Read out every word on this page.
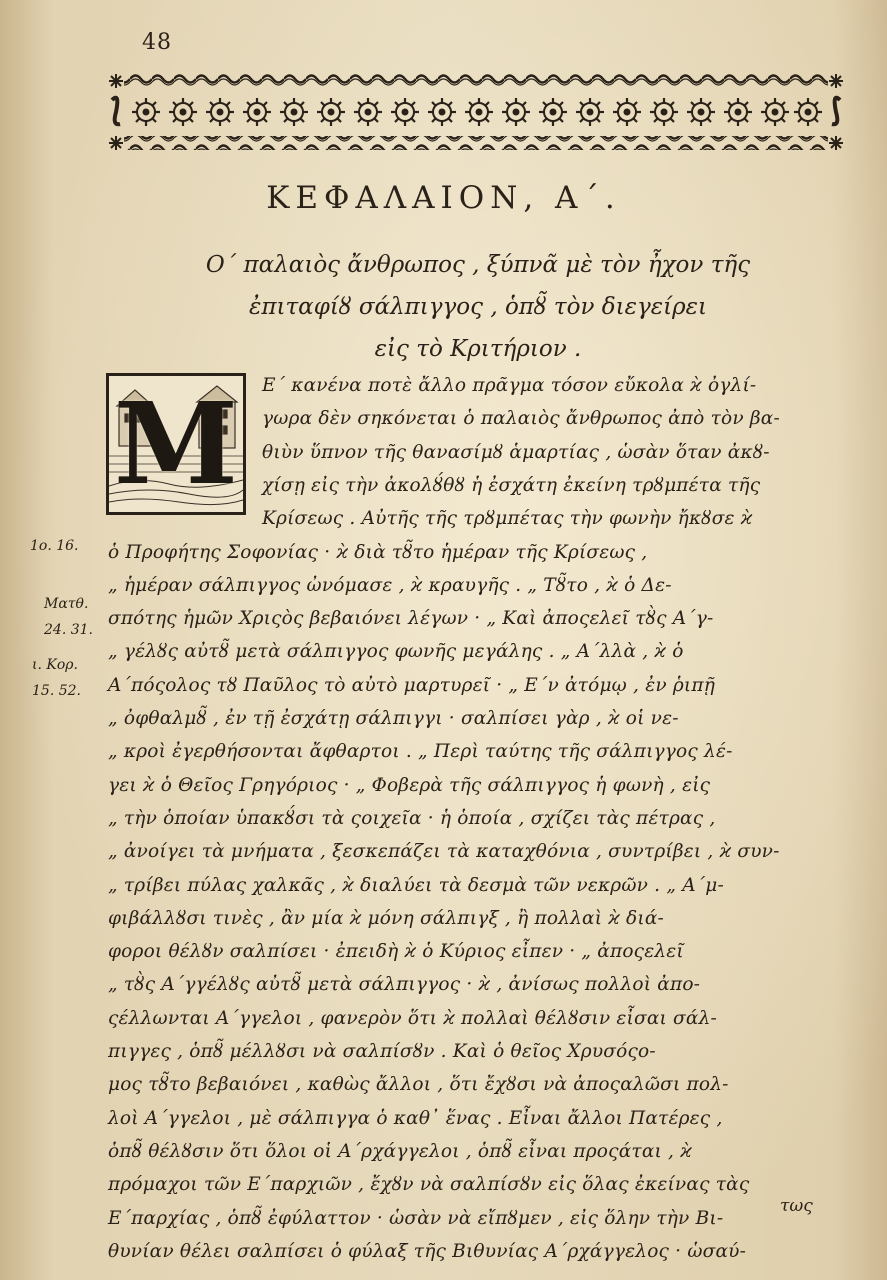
48
ΚΕΦΑΛΑΙΟΝ, Α΄.
Ο΄ παλαιὸς ἄνθρωπος , ξύπνᾶ μὲ τὸν ἦχον τῆς
ἐπιταφίȣ σάλπιγγος , ὁπȣ̃ τὸν διεγείρει
εἰς τὸ Κριτήριον .
M
1ο. 16.
Ματθ.
24. 31.
ι. Κορ.
15. 52.
Ε΄ κανένα ποτὲ ἄλλο πρᾶγμα τόσον εὔκολα ϰ̀ ὀγλί-
γωρα δὲν σηκόνεται ὁ παλαιὸς ἄνθρωπος ἀπὸ τὸν βα-
θιὺν ὕπνον τῆς θανασίμȣ ἁμαρτίας , ὡσὰν ὅταν ἀκȣ-
χίσῃ εἰς τὴν ἀκολȣ́θȣ ἡ ἐσχάτη ἐκείνη τρȣμπέτα τῆς
Κρίσεως . Αὐτῆς τῆς τρȣμπέτας τὴν φωνὴν ἤκȣσε ϰ̀
ὁ Προφήτης Σοφονίας · ϰ̀ διὰ τȣ̃το ἡμέραν τῆς Κρίσεως ,
„ ἡμέραν σάλπιγγος ὠνόμασε , ϰ̀ κραυγῆς . „ Τȣ̃το , ϰ̀ ὁ Δε-
σπότης ἡμῶν Χριςὸς βεβαιόνει λέγων · „ Καὶ ἀποςελεῖ τȣ̀ς Α΄γ-
„ γέλȣς αὐτȣ̃ μετὰ σάλπιγγος φωνῆς μεγάλης . „ Α΄λλὰ , ϰ̀ ὁ
Α΄πόςολος τȣ Παῦλος τὸ αὐτὸ μαρτυρεῖ · „ Ε΄ν ἀτόμῳ , ἐν ῥιπῇ
„ ὀφθαλμȣ̃ , ἐν τῇ ἐσχάτῃ σάλπιγγι · σαλπίσει γὰρ , ϰ̀ οἱ νε-
„ κροὶ ἐγερθήσονται ἄφθαρτοι . „ Περὶ ταύτης τῆς σάλπιγγος λέ-
γει ϰ̀ ὁ Θεῖος Γρηγόριος · „ Φοβερὰ τῆς σάλπιγγος ἡ φωνὴ , εἰς
„ τὴν ὁποίαν ὑπακȣ́σι τὰ ςοιχεῖα · ἡ ὁποία , σχίζει τὰς πέτρας ,
„ ἀνοίγει τὰ μνήματα , ξεσκεπάζει τὰ καταχθόνια , συντρίβει , ϰ̀ συν-
„ τρίβει πύλας χαλκᾶς , ϰ̀ διαλύει τὰ δεσμὰ τῶν νεκρῶν . „ Α΄μ-
φιβάλλȣσι τινὲς , ἂν μία ϰ̀ μόνη σάλπιγξ , ἢ πολλαὶ ϰ̀ διά-
φοροι θέλȣν σαλπίσει · ἐπειδὴ ϰ̀ ὁ Κύριος εἶπεν · „ ἀποςελεῖ
„ τȣ̀ς Α΄γγέλȣς αὐτȣ̃ μετὰ σάλπιγγος · ϰ̀ , ἀνίσως πολλοὶ ἀπο-
ςέλλωνται Α΄γγελοι , φανερὸν ὅτι ϰ̀ πολλαὶ θέλȣσιν εἶσαι σάλ-
πιγγες , ὁπȣ̃ μέλλȣσι νὰ σαλπίσȣν . Καὶ ὁ θεῖος Χρυσόςο-
μος τȣ̃το βεβαιόνει , καθὼς ἄλλοι , ὅτι ἔχȣσι νὰ ἀποςαλῶσι πολ-
λοὶ Α΄γγελοι , μὲ σάλπιγγα ὁ καθ᾽ ἕνας . Εἶναι ἄλλοι Πατέρες ,
ὁπȣ̃ θέλȣσιν ὅτι ὅλοι οἱ Α΄ρχάγγελοι , ὁπȣ̃ εἶναι προςάται , ϰ̀
πρόμαχοι τῶν Ε΄παρχιῶν , ἔχȣν νὰ σαλπίσȣν εἰς ὅλας ἐκείνας τὰς
Ε΄παρχίας , ὁπȣ̃ ἐφύλαττον · ὡσὰν νὰ εἴπȣμεν , εἰς ὅλην τὴν Βι-
θυνίαν θέλει σαλπίσει ὁ φύλαξ τῆς Βιθυνίας Α΄ρχάγγελος · ὡσαύ-
τως
